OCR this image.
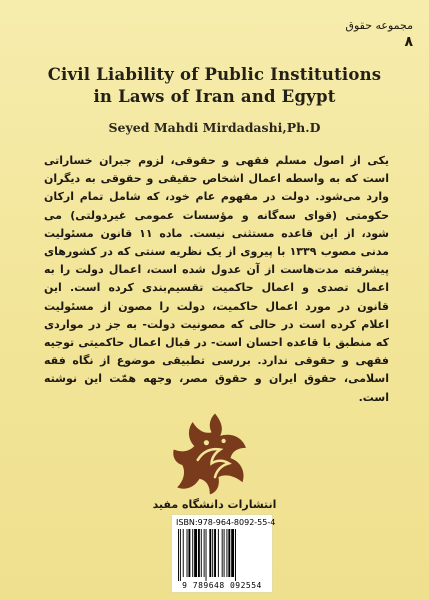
مجموعه حقوق
۸
Civil Liability of Public Institutions
in Laws of Iran and Egypt
Seyed Mahdi Mirdadashi,Ph.D

یکی از اصول مسلم فقهی و حقوقی، لزوم جبران خساراتی است که به واسطه اعمال اشخاص حقیقی و حقوقی به دیگران وارد می‌شود. دولت در مفهوم عام خود، که شامل تمام ارکان حکومتی (قوای سه‌گانه و مؤسسات عمومی غیردولتی) می شود، از این قاعده مستثنی نیست. ماده ۱۱ قانون مسئولیت مدنی مصوب ۱۳۳۹ با پیروی از یک نظریه سنتی که در کشورهای پیشرفته مدت‌هاست از آن عدول شده است، اعمال دولت را به اعمال تصدی و اعمال حاکمیت تقسیم‌بندی کرده است. این قانون در مورد اعمال حاکمیت، دولت را مصون از مسئولیت اعلام کرده است در حالی که مصونیت دولت- به جز در مواردی که منطبق با قاعده احسان است- در قبال اعمال حاکمیتی توجیه فقهی و حقوقی ندارد. بررسی تطبیقی موضوع از نگاه فقه اسلامی، حقوق ایران و حقوق مصر، وجهه همّت این نوشته است.

انتشارات دانشگاه مفید
ISBN:978-964-8092-55-4
9 789648 092554
